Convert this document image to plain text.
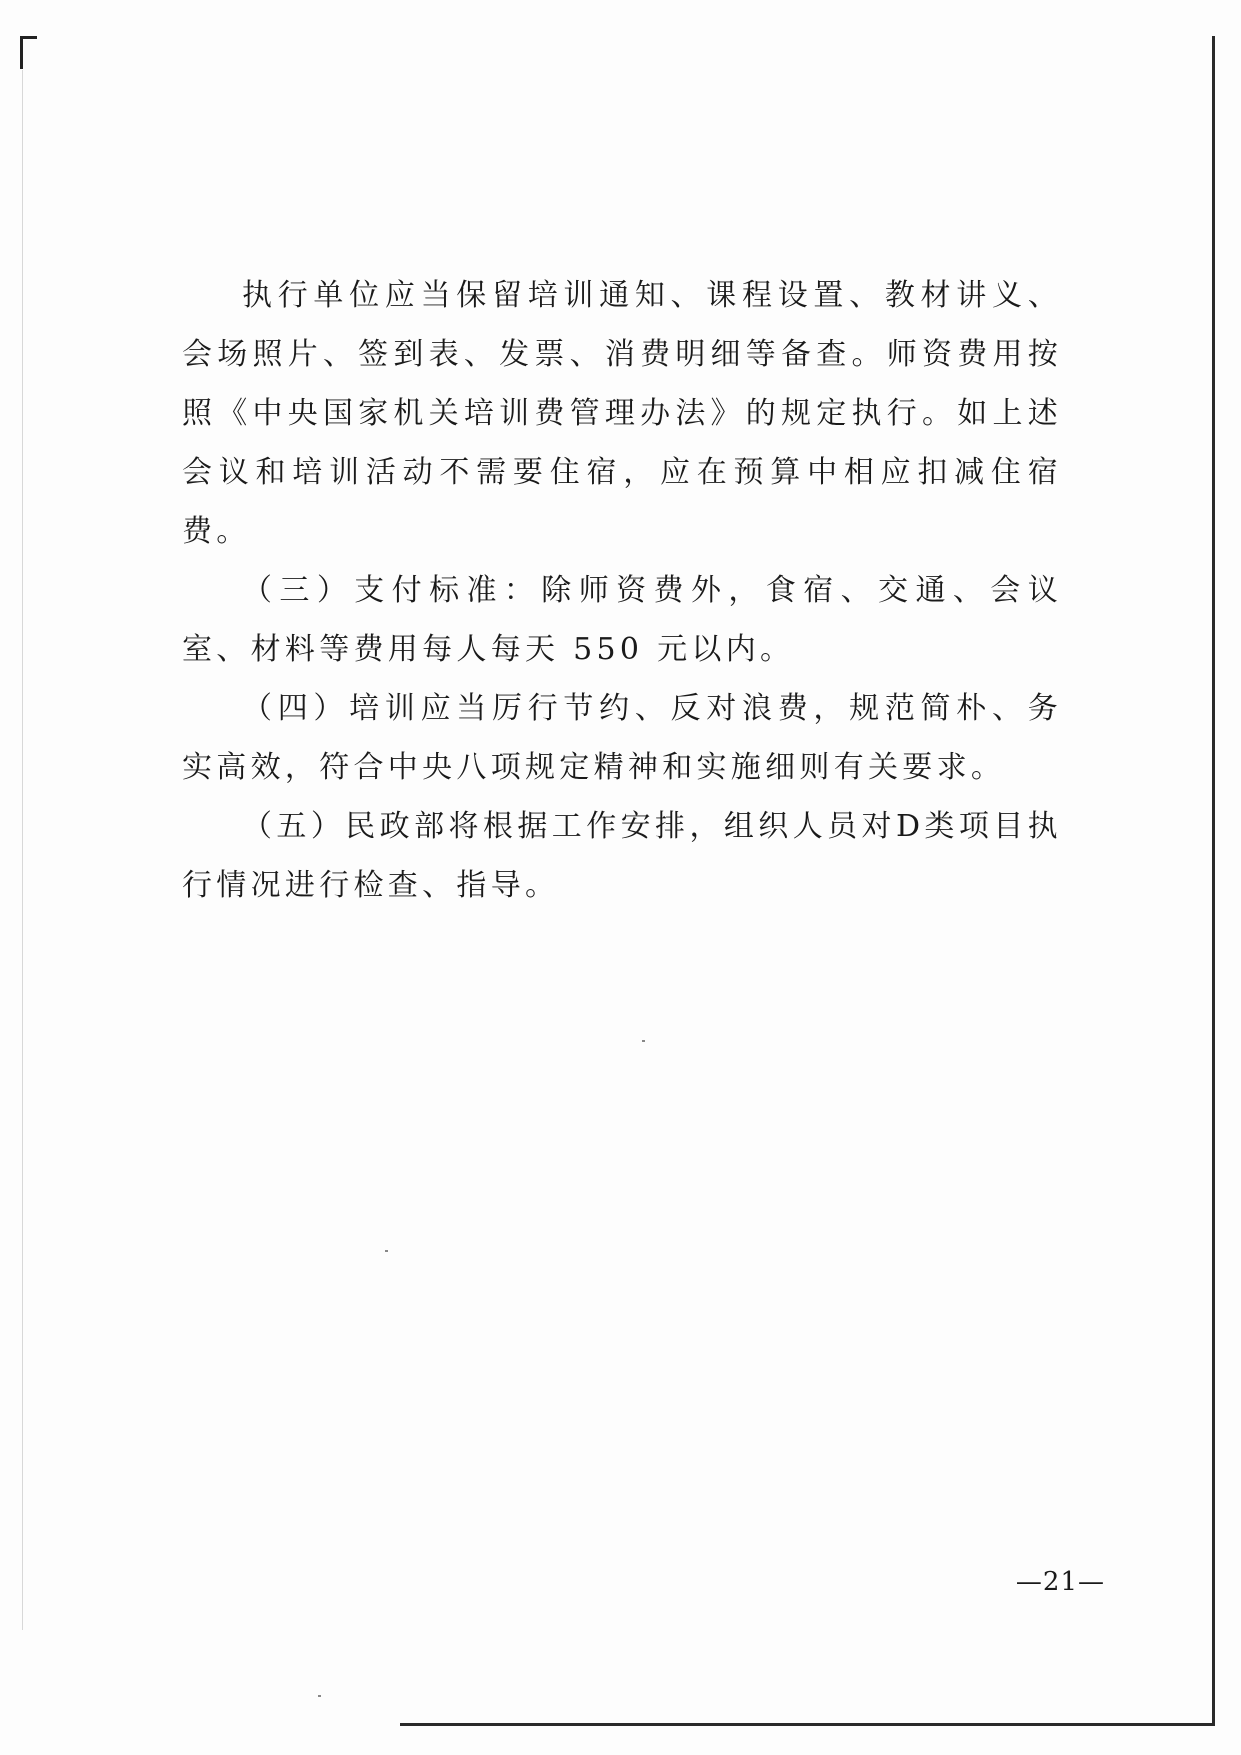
执行单位应当保留培训通知、课程设置、教材讲义、会场照片、签到表、发票、消费明细等备查。师资费用按照《中央国家机关培训费管理办法》的规定执行。如上述会议和培训活动不需要住宿，应在预算中相应扣减住宿费。

（三）支付标准：除师资费外，食宿、交通、会议室、材料等费用每人每天 550 元以内。

（四）培训应当厉行节约、反对浪费，规范简朴、务实高效，符合中央八项规定精神和实施细则有关要求。

（五）民政部将根据工作安排，组织人员对D类项目执行情况进行检查、指导。

—21—
